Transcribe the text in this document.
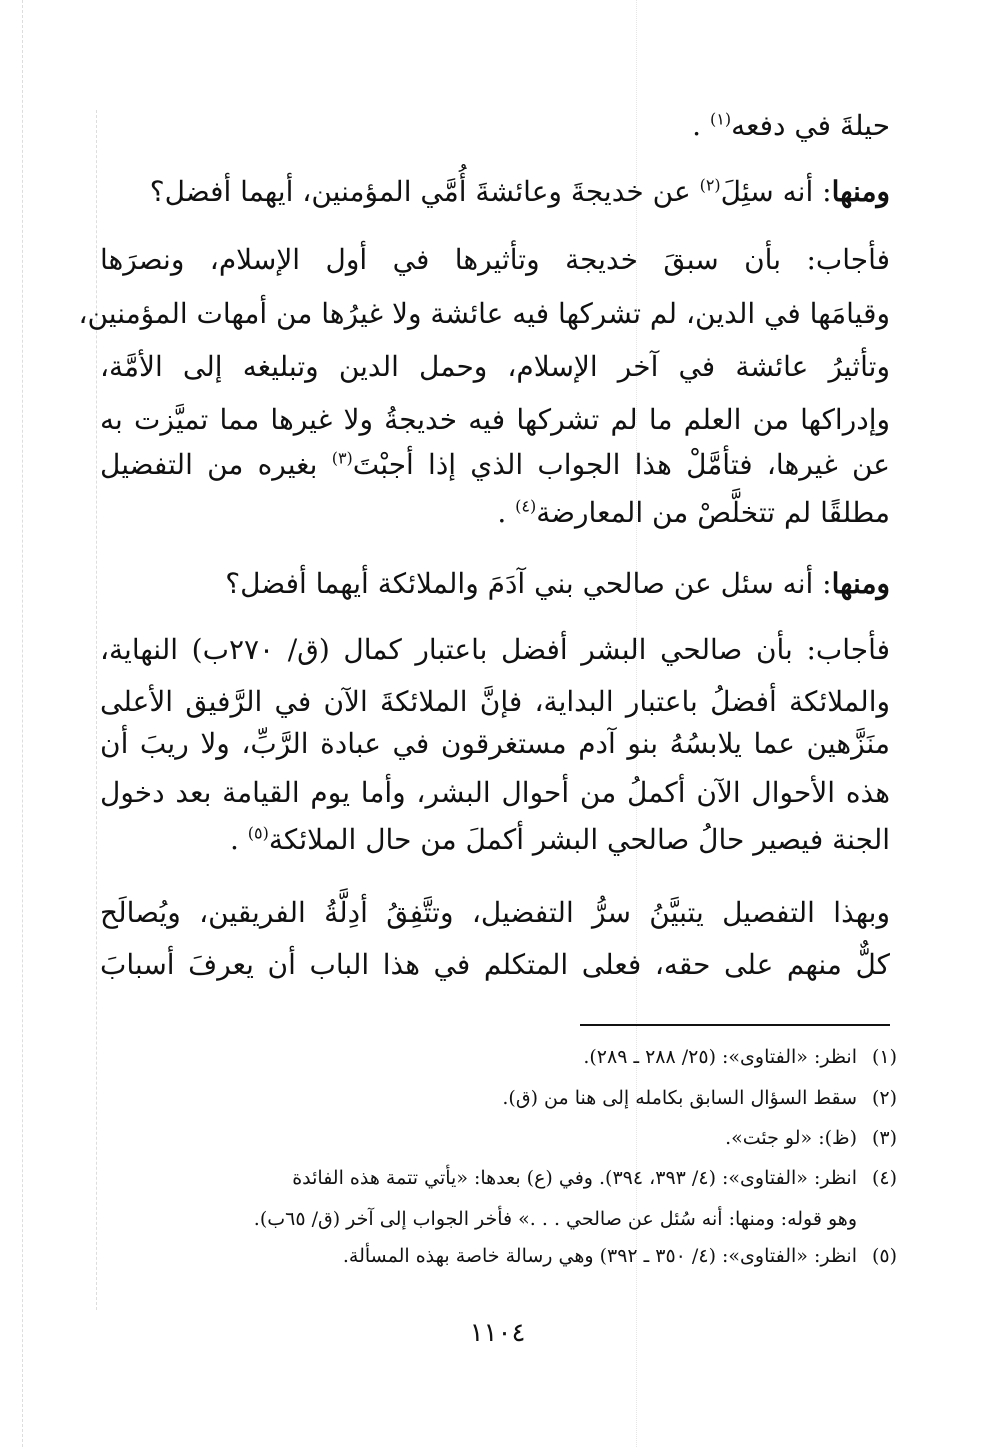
حيلةَ في دفعه$^{(١)}$ .
ومنها: أنه سئِلَ$^{(٢)}$ عن خديجةَ وعائشةَ أُمَّي المؤمنين، أيهما أفضل؟
فأجاب: بأن سبقَ خديجة وتأثيرها في أول الإسلام، ونصرَها
وقيامَها في الدين، لم تشركها فيه عائشة ولا غيرُها من أمهات المؤمنين،
وتأثيرُ عائشة في آخر الإسلام، وحمل الدين وتبليغه إلى الأمَّة،
وإدراكها من العلم ما لم تشركها فيه خديجةُ ولا غيرها مما تميَّزت به
عن غيرها، فتأمَّلْ هذا الجواب الذي إذا أجبْتَ$^{(٣)}$ بغيره من التفضيل
مطلقًا لم تتخلَّصْ من المعارضة$^{(٤)}$ .
ومنها: أنه سئل عن صالحي بني آدَمَ والملائكة أيهما أفضل؟
فأجاب: بأن صالحي البشر أفضل باعتبار كمال (ق/ ٢٧٠ب) النهاية،
والملائكة أفضلُ باعتبار البداية، فإنَّ الملائكةَ الآن في الرَّفيق الأعلى
منَزَّهين عما يلابسُهُ بنو آدم مستغرقون في عبادة الرَّبِّ، ولا ريبَ أن
هذه الأحوال الآن أكملُ من أحوال البشر، وأما يوم القيامة بعد دخول
الجنة فيصير حالُ صالحي البشر أكملَ من حال الملائكة$^{(٥)}$ .
وبهذا التفصيل يتبيَّنُ سرُّ التفضيل، وتتَّفِقُ أدِلَّةُ الفريقين، ويُصالَح
كلٌّ منهم على حقه، فعلى المتكلم في هذا الباب أن يعرفَ أسبابَ
(١)انظر: «الفتاوى»: (٢٥/ ٢٨٨ ـ ٢٨٩).
(٢)سقط السؤال السابق بكامله إلى هنا من (ق).
(٣)(ظ): «لو جئت».
(٤)انظر: «الفتاوى»: (٤/ ٣٩٣، ٣٩٤). وفي (ع) بعدها: «يأتي تتمة هذه الفائدة
وهو قوله: ومنها: أنه سُئل عن صالحي . . .» فأخر الجواب إلى آخر (ق/ ٦٥ب).
(٥)انظر: «الفتاوى»: (٤/ ٣٥٠ ـ ٣٩٢) وهي رسالة خاصة بهذه المسألة.
١١٠٤
